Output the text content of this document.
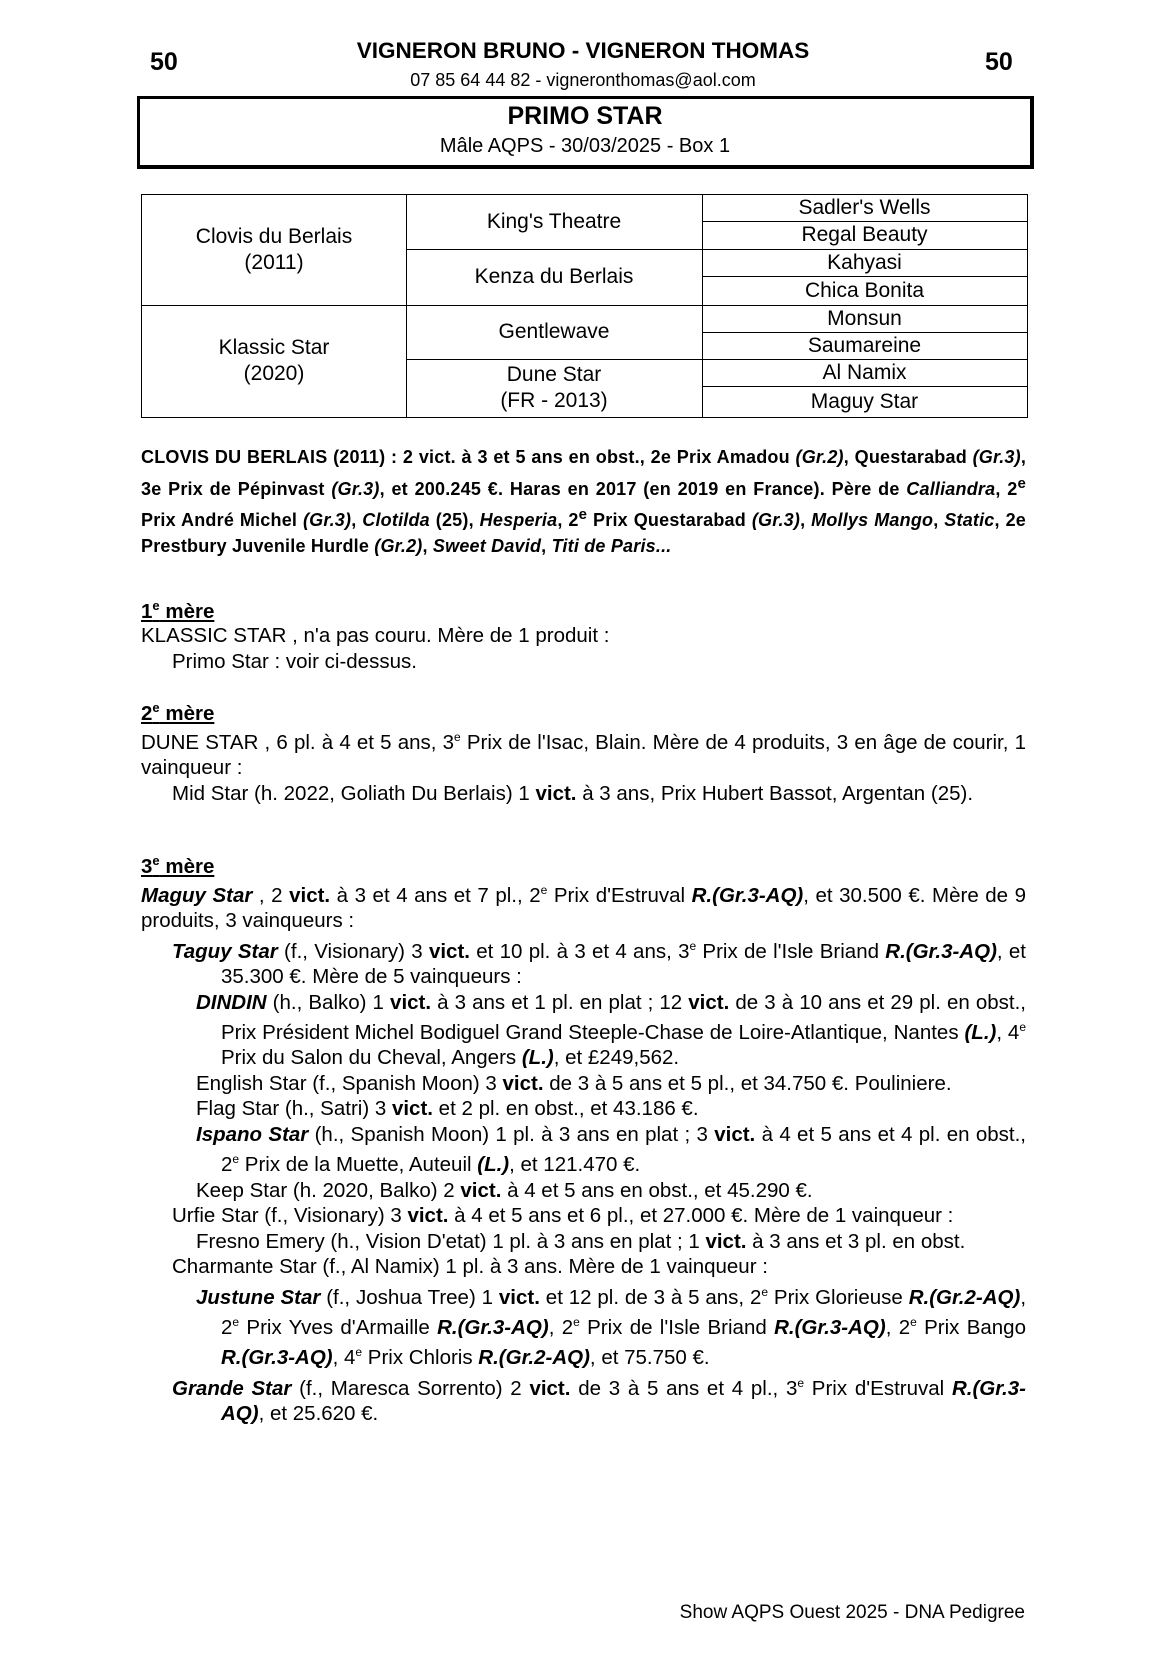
50	50
VIGNERON BRUNO - VIGNERON THOMAS
07 85 64 44 82 - vigneronthomas@aol.com
PRIMO STAR
Mâle AQPS - 30/03/2025 - Box 1
Clovis du Berlais
(2011)
Klassic Star
(2020)
King's Theatre
Kenza du Berlais
Gentlewave
Dune Star
(FR - 2013)
Sadler's Wells
Regal Beauty
Kahyasi
Chica Bonita
Monsun
Saumareine
Al Namix
Maguy Star
CLOVIS DU BERLAIS (2011) : 2 vict. à 3 et 5 ans en obst., 2e Prix Amadou (Gr.2), Questarabad (Gr.3), 3e Prix de Pépinvast (Gr.3), et 200.245 €. Haras en 2017 (en 2019 en France). Père de Calliandra, 2e Prix André Michel (Gr.3), Clotilda (25), Hesperia, 2e Prix Questarabad (Gr.3), Mollys Mango, Static, 2e Prestbury Juvenile Hurdle (Gr.2), Sweet David, Titi de Paris...
1e mère
KLASSIC STAR , n'a pas couru. Mère de 1 produit :
Primo Star : voir ci-dessus.
2e mère
DUNE STAR , 6 pl. à 4 et 5 ans, 3e Prix de l'Isac, Blain. Mère de 4 produits, 3 en âge de courir, 1 vainqueur :
Mid Star (h. 2022, Goliath Du Berlais) 1 vict. à 3 ans, Prix Hubert Bassot, Argentan (25).
3e mère
Maguy Star , 2 vict. à 3 et 4 ans et 7 pl., 2e Prix d'Estruval R.(Gr.3-AQ), et 30.500 €. Mère de 9 produits, 3 vainqueurs :
Taguy Star (f., Visionary) 3 vict. et 10 pl. à 3 et 4 ans, 3e Prix de l'Isle Briand R.(Gr.3-AQ), et 35.300 €. Mère de 5 vainqueurs :
DINDIN (h., Balko) 1 vict. à 3 ans et 1 pl. en plat ; 12 vict. de 3 à 10 ans et 29 pl. en obst., Prix Président Michel Bodiguel Grand Steeple-Chase de Loire-Atlantique, Nantes (L.), 4e Prix du Salon du Cheval, Angers (L.), et £249,562.
English Star (f., Spanish Moon) 3 vict. de 3 à 5 ans et 5 pl., et 34.750 €. Pouliniere.
Flag Star (h., Satri) 3 vict. et 2 pl. en obst., et 43.186 €.
Ispano Star (h., Spanish Moon) 1 pl. à 3 ans en plat ; 3 vict. à 4 et 5 ans et 4 pl. en obst., 2e Prix de la Muette, Auteuil (L.), et 121.470 €.
Keep Star (h. 2020, Balko) 2 vict. à 4 et 5 ans en obst., et 45.290 €.
Urfie Star (f., Visionary) 3 vict. à 4 et 5 ans et 6 pl., et 27.000 €. Mère de 1 vainqueur :
Fresno Emery (h., Vision D'etat) 1 pl. à 3 ans en plat ; 1 vict. à 3 ans et 3 pl. en obst.
Charmante Star (f., Al Namix) 1 pl. à 3 ans. Mère de 1 vainqueur :
Justune Star (f., Joshua Tree) 1 vict. et 12 pl. de 3 à 5 ans, 2e Prix Glorieuse R.(Gr.2-AQ), 2e Prix Yves d'Armaille R.(Gr.3-AQ), 2e Prix de l'Isle Briand R.(Gr.3-AQ), 2e Prix Bango R.(Gr.3-AQ), 4e Prix Chloris R.(Gr.2-AQ), et 75.750 €.
Grande Star (f., Maresca Sorrento) 2 vict. de 3 à 5 ans et 4 pl., 3e Prix d'Estruval R.(Gr.3-AQ), et 25.620 €.
Show AQPS Ouest 2025 - DNA Pedigree
